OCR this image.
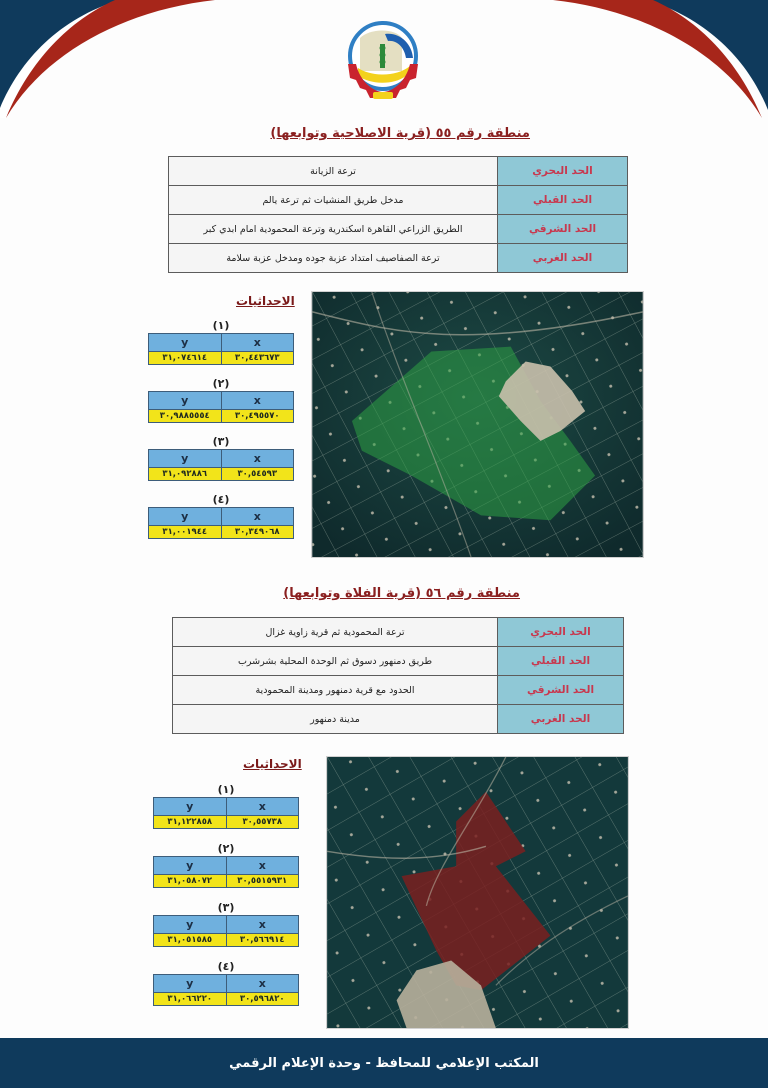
منطقة رقم ٥٥ (قرية الاصلاحية وتوابعها)
الحد البحري	ترعة الزيانة
الحد القبلي	مدخل طريق المنشيات ثم ترعة يالم
الحد الشرقي	الطريق الزراعي القاهرة اسكندرية وترعة المحمودية امام ابدي كبر
الحد الغربي	ترعة الصفاصيف امتداد عزبة جوده ومدخل عزبة سلامة
الاحداثيات
(١)
y	x
٣١,٠٧٤٦١٤	٣٠,٤٤٣٦٧٣
(٢)
y	x
٣٠,٩٨٨٥٥٥٤	٣٠,٤٩٥٥٧٠
(٣)
y	x
٣١,٠٩٢٨٨٦	٣٠,٥٤٥٩٣
(٤)
y	x
٣١,٠٠١٩٤٤	٣٠,٣٤٩٠٦٨
منطقة رقم ٥٦ (قرية الفلاة وتوابعها)
الحد البحري	ترعة المحمودية ثم قرية زاوية غزال
الحد القبلي	طريق دمنهور دسوق ثم الوحدة المحلية بشرشرب
الحد الشرقي	الحدود مع قرية دمنهور ومدينة المحمودية
الحد الغربي	مدينة دمنهور
الاحداثيات
(١)
y	x
٣١,١٢٢٨٥٨	٣٠,٥٥٧٣٨
(٢)
y	x
٣١,٠٥٨٠٧٢	٣٠,٥٥١٥٩٣١
(٣)
y	x
٣١,٠٥١٥٨٥	٣٠,٥٦٦٩١٤
(٤)
y	x
٣١,٠٦٦٢٢٠	٣٠,٥٩٦٨٢٠
المكتب الإعلامي للمحافظ - وحدة الإعلام الرقمي
